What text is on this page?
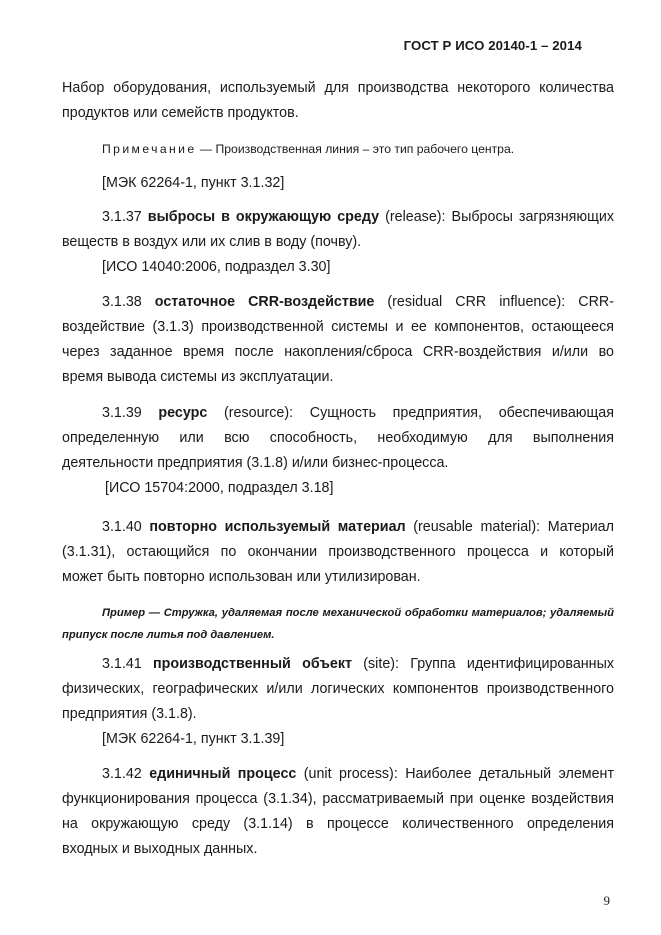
ГОСТ Р ИСО 20140-1 – 2014
Набор оборудования, используемый для производства некоторого количества
продуктов или семейств продуктов.
Примечание — Производственная линия – это тип рабочего центра.
[МЭК 62264-1, пункт 3.1.32]
3.1.37 выбросы в окружающую среду (release): Выбросы загрязняющих
веществ в воздух или их слив в воду (почву).
[ИСО 14040:2006, подраздел 3.30]
3.1.38 остаточное CRR-воздействие (residual CRR influence): CRR-
воздействие (3.1.3) производственной системы и ее компонентов, остающееся
через заданное время после накопления/сброса CRR-воздействия и/или во
время вывода системы из эксплуатации.
3.1.39 ресурс (resource): Сущность предприятия, обеспечивающая
определенную или всю способность, необходимую для выполнения
деятельности предприятия (3.1.8) и/или бизнес-процесса.
[ИСО 15704:2000, подраздел 3.18]
3.1.40 повторно используемый материал (reusable material): Материал
(3.1.31), остающийся по окончании производственного процесса и который
может быть повторно использован или утилизирован.
Пример — Стружка, удаляемая после механической обработки материалов; удаляемый
припуск после литья под давлением.
3.1.41 производственный объект (site): Группа идентифицированных
физических, географических и/или логических компонентов производственного
предприятия (3.1.8).
[МЭК 62264-1, пункт 3.1.39]
3.1.42 единичный процесс (unit process): Наиболее детальный элемент
функционирования процесса (3.1.34), рассматриваемый при оценке воздействия
на окружающую среду (3.1.14) в процессе количественного определения
входных и выходных данных.
9
